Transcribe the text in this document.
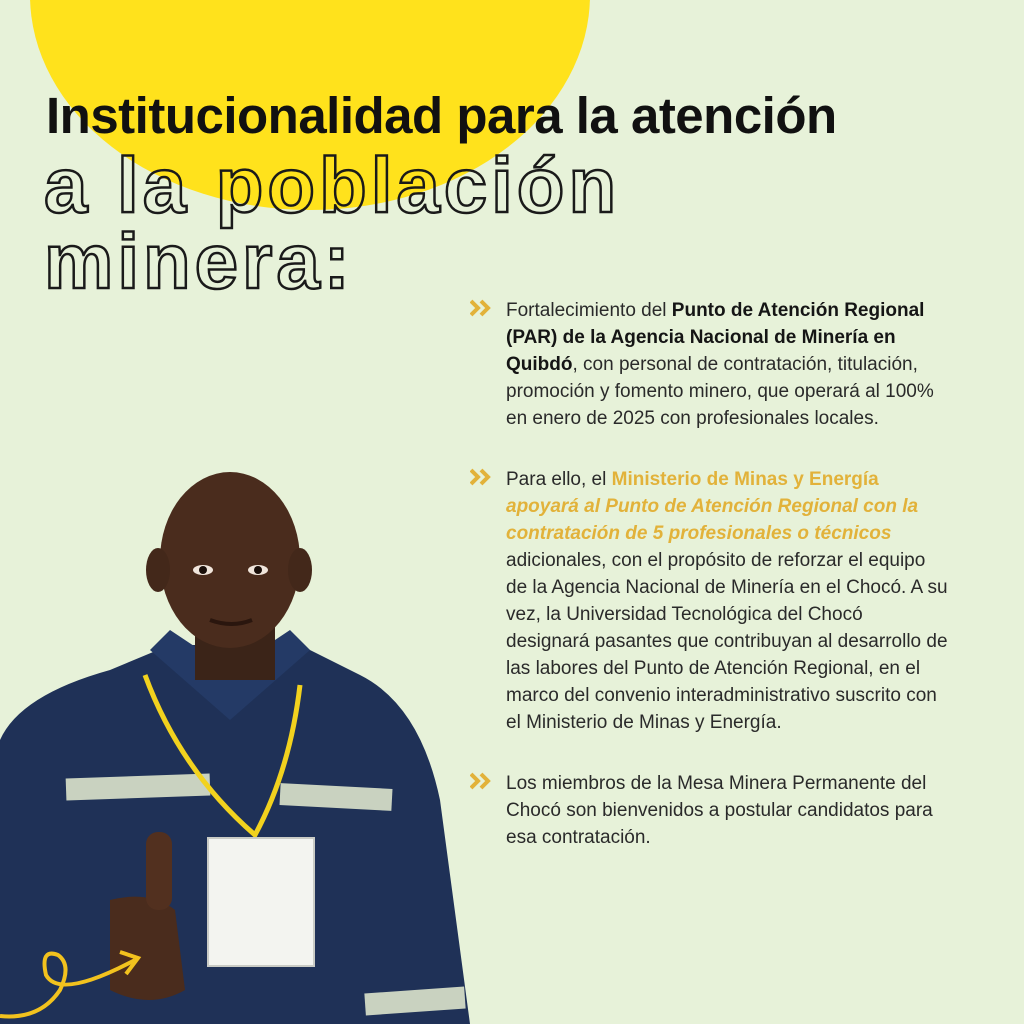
Institucionalidad para la atención
a la población
minera:

Fortalecimiento del Punto de Atención Regional (PAR) de la Agencia Nacional de Minería en Quibdó, con personal de contratación, titulación, promoción y fomento minero, que operará al 100% en enero de 2025 con profesionales locales.

Para ello, el Ministerio de Minas y Energía apoyará al Punto de Atención Regional con la contratación de 5 profesionales o técnicos adicionales, con el propósito de reforzar el equipo de la Agencia Nacional de Minería en el Chocó. A su vez, la Universidad Tecnológica del Chocó designará pasantes que contribuyan al desarrollo de las labores del Punto de Atención Regional, en el marco del convenio interadministrativo suscrito con el Ministerio de Minas y Energía.

Los miembros de la Mesa Minera Permanente del Chocó son bienvenidos a postular candidatos para esa contratación.
